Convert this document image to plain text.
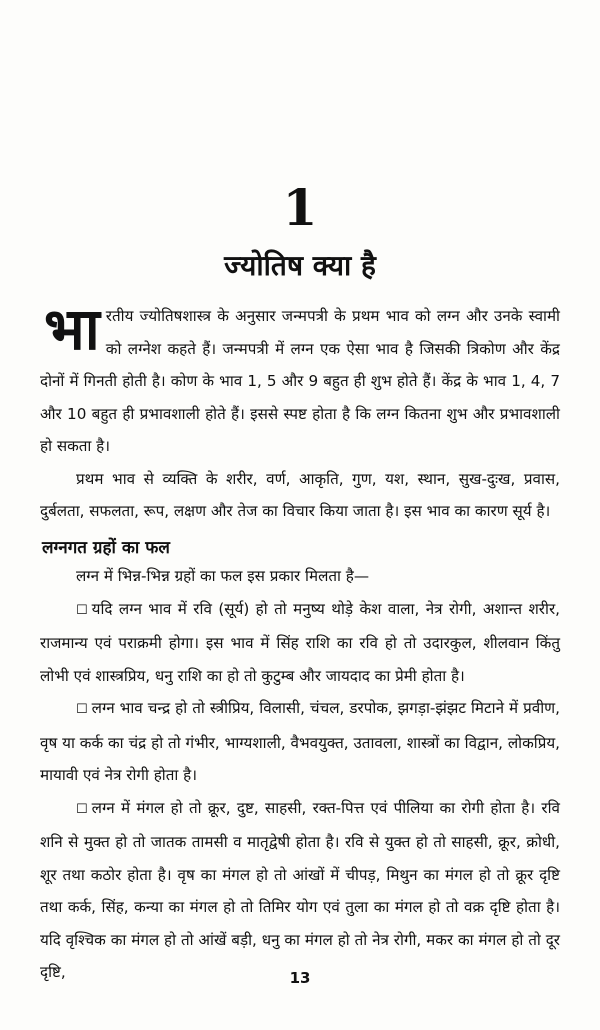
1
ज्योतिष क्या है

भारतीय ज्योतिषशास्त्र के अनुसार जन्मपत्री के प्रथम भाव को लग्न और उनके स्वामी को लग्नेश कहते हैं। जन्मपत्री में लग्न एक ऐसा भाव है जिसकी त्रिकोण और केंद्र दोनों में गिनती होती है। कोण के भाव 1, 5 और 9 बहुत ही शुभ होते हैं। केंद्र के भाव 1, 4, 7 और 10 बहुत ही प्रभावशाली होते हैं। इससे स्पष्ट होता है कि लग्न कितना शुभ और प्रभावशाली हो सकता है।

प्रथम भाव से व्यक्ति के शरीर, वर्ण, आकृति, गुण, यश, स्थान, सुख-दुःख, प्रवास, दुर्बलता, सफलता, रूप, लक्षण और तेज का विचार किया जाता है। इस भाव का कारण सूर्य है।

लग्नगत ग्रहों का फल

लग्न में भिन्न-भिन्न ग्रहों का फल इस प्रकार मिलता है—

☐ यदि लग्न भाव में रवि (सूर्य) हो तो मनुष्य थोड़े केश वाला, नेत्र रोगी, अशान्त शरीर, राजमान्य एवं पराक्रमी होगा। इस भाव में सिंह राशि का रवि हो तो उदारकुल, शीलवान किंतु लोभी एवं शास्त्रप्रिय, धनु राशि का हो तो कुटुम्ब और जायदाद का प्रेमी होता है।

☐ लग्न भाव चन्द्र हो तो स्त्रीप्रिय, विलासी, चंचल, डरपोक, झगड़ा-झंझट मिटाने में प्रवीण, वृष या कर्क का चंद्र हो तो गंभीर, भाग्यशाली, वैभवयुक्त, उतावला, शास्त्रों का विद्वान, लोकप्रिय, मायावी एवं नेत्र रोगी होता है।

☐ लग्न में मंगल हो तो क्रूर, दुष्ट, साहसी, रक्त-पित्त एवं पीलिया का रोगी होता है। रवि शनि से मुक्त हो तो जातक तामसी व मातृद्वेषी होता है। रवि से युक्त हो तो साहसी, क्रूर, क्रोधी, शूर तथा कठोर होता है। वृष का मंगल हो तो आंखों में चीपड़, मिथुन का मंगल हो तो क्रूर दृष्टि तथा कर्क, सिंह, कन्या का मंगल हो तो तिमिर योग एवं तुला का मंगल हो तो वक्र दृष्टि होता है। यदि वृश्चिक का मंगल हो तो आंखें बड़ी, धनु का मंगल हो तो नेत्र रोगी, मकर का मंगल हो तो दूर दृष्टि,	13
